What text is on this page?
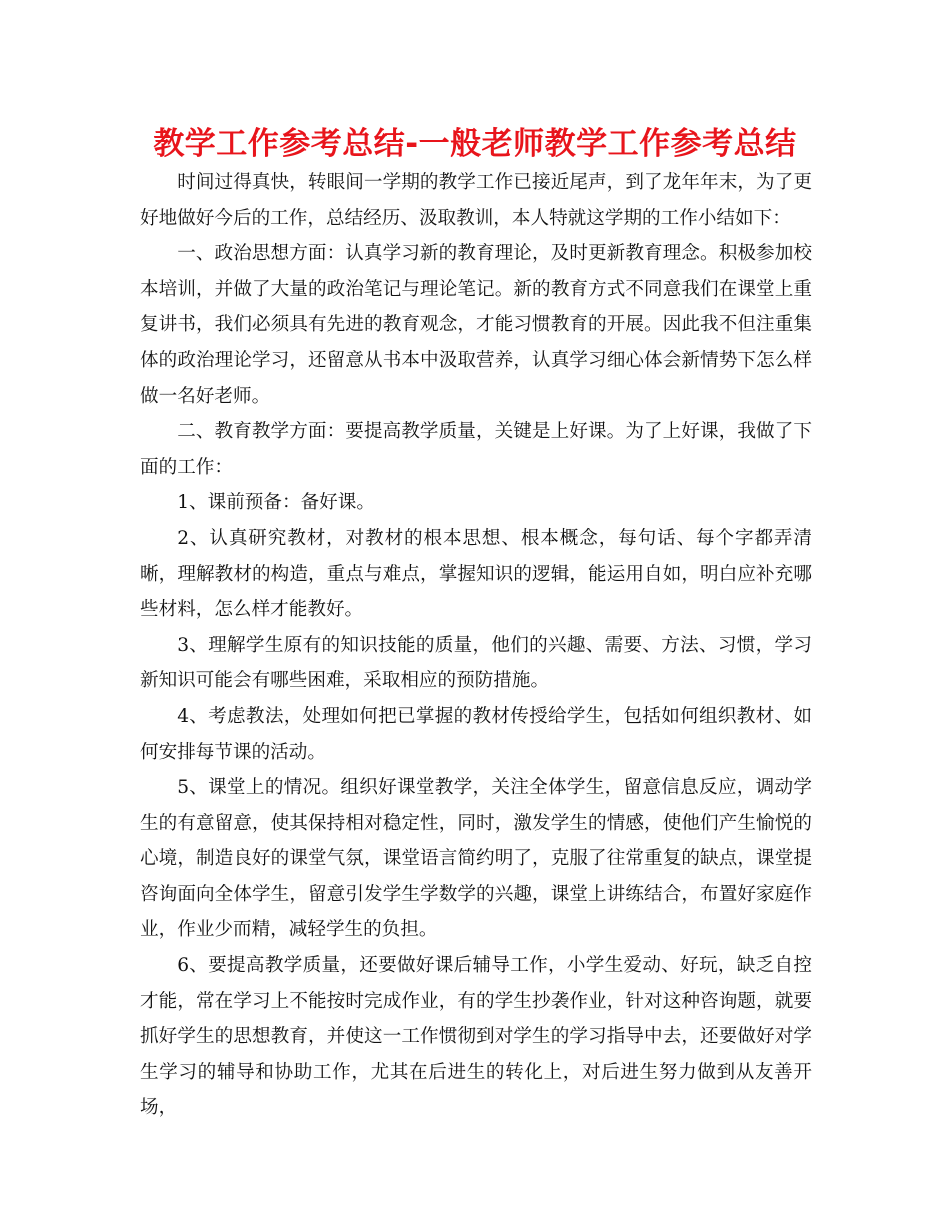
教学工作参考总结-一般老师教学工作参考总结

时间过得真快，转眼间一学期的教学工作已接近尾声，到了龙年年末，为了更好地做好今后的工作，总结经历、汲取教训，本人特就这学期的工作小结如下：

一、政治思想方面：认真学习新的教育理论，及时更新教育理念。积极参加校本培训，并做了大量的政治笔记与理论笔记。新的教育方式不同意我们在课堂上重复讲书，我们必须具有先进的教育观念，才能习惯教育的开展。因此我不但注重集体的政治理论学习，还留意从书本中汲取营养，认真学习细心体会新情势下怎么样做一名好老师。

二、教育教学方面：要提高教学质量，关键是上好课。为了上好课，我做了下面的工作：

1、课前预备：备好课。

2、认真研究教材，对教材的根本思想、根本概念，每句话、每个字都弄清晰，理解教材的构造，重点与难点，掌握知识的逻辑，能运用自如，明白应补充哪些材料，怎么样才能教好。

3、理解学生原有的知识技能的质量，他们的兴趣、需要、方法、习惯，学习新知识可能会有哪些困难，采取相应的预防措施。

4、考虑教法，处理如何把已掌握的教材传授给学生，包括如何组织教材、如何安排每节课的活动。

5、课堂上的情况。组织好课堂教学，关注全体学生，留意信息反应，调动学生的有意留意，使其保持相对稳定性，同时，激发学生的情感，使他们产生愉悦的心境，制造良好的课堂气氛，课堂语言简约明了，克服了往常重复的缺点，课堂提咨询面向全体学生，留意引发学生学数学的兴趣，课堂上讲练结合，布置好家庭作业，作业少而精，减轻学生的负担。

6、要提高教学质量，还要做好课后辅导工作，小学生爱动、好玩，缺乏自控才能，常在学习上不能按时完成作业，有的学生抄袭作业，针对这种咨询题，就要抓好学生的思想教育，并使这一工作惯彻到对学生的学习指导中去，还要做好对学生学习的辅导和协助工作，尤其在后进生的转化上，对后进生努力做到从友善开场，
